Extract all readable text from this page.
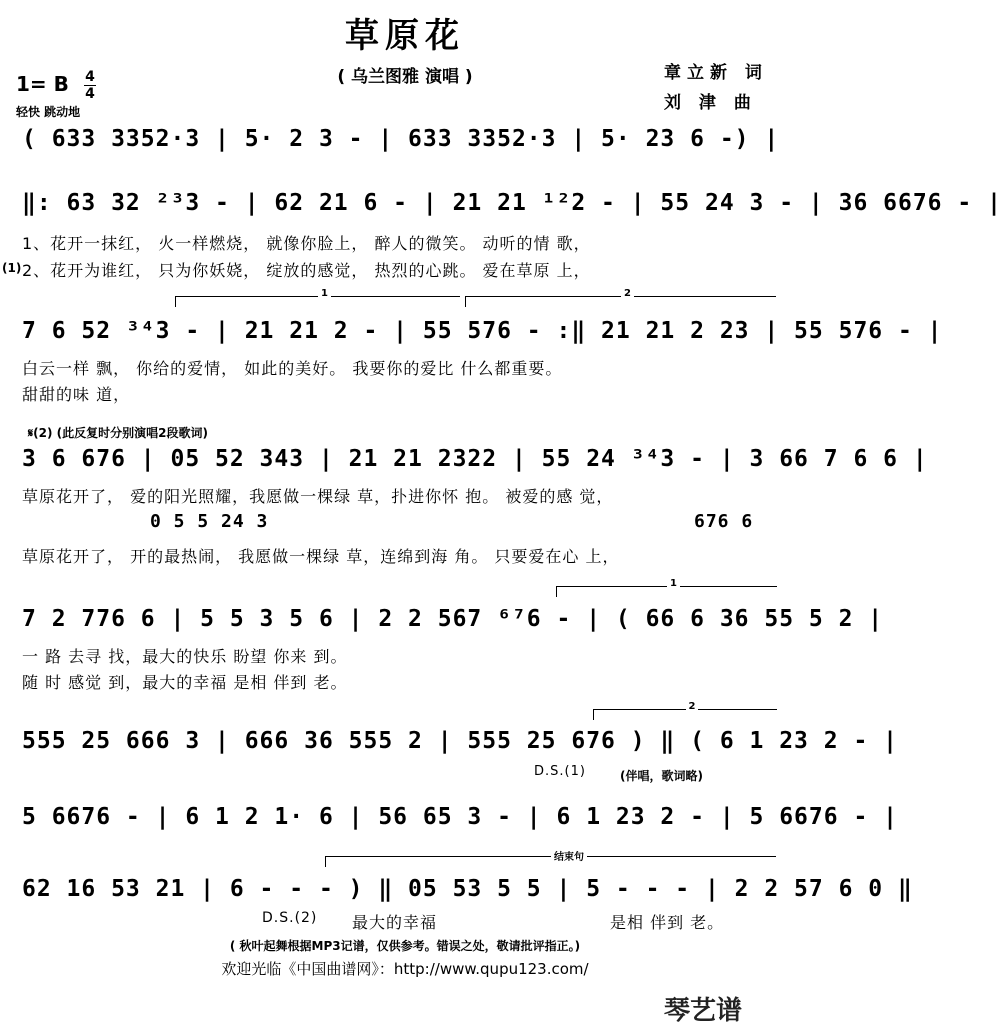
草原花
( 乌兰图雅 演唱 )	章立新 词
刘 津 曲
1= B 4
4
轻快 跳动地
( 633 3352·3 | 5· 2 3 - | 633 3352·3 | 5· 23 6 -) |
‖: 63 32 ²³3 - | 62 21 6 - | 21 21 ¹²2 - | 55 24 3 - | 36 6676 - |
1、花开一抹红， 火一样燃烧， 就像你脸上， 醉人的微笑。 动听的情 歌，
(1) 2、花开为谁红， 只为你妖娆， 绽放的感觉， 热烈的心跳。 爱在草原 上，
1	2
7 6 52 ³⁴3 - | 21 21 2 - | 55 576 - :‖ 21 21 2 23 | 55 576 - |
白云一样 飘， 你给的爱情， 如此的美好。 我要你的爱比 什么都重要。
甜甜的味 道，
𝄋(2) (此反复时分别演唱2段歌词)
3 6 676 | 05 52 343 | 21 21 2322 | 55 24 ³⁴3 - | 3 66 7 6 6 |
草原花开了， 爱的阳光照耀，我愿做一棵绿 草，扑进你怀 抱。 被爱的感 觉，
0 5 5 24 3	676 6
草原花开了， 开的最热闹， 我愿做一棵绿 草，连绵到海 角。 只要爱在心 上，
1
7 2 776 6 | 5 5 3 5 6 | 2 2 567 ⁶⁷6 - | ( 66 6 36 55 5 2 |
一 路 去寻 找，最大的快乐 盼望 你来 到。
随 时 感觉 到，最大的幸福 是相 伴到 老。
2
555 25 666 3 | 666 36 555 2 | 555 25 676 ) ‖ ( 6 1 23 2 - |
D.S.(1)	(伴唱，歌词略)
5 6676 - | 6 1 2 1· 6 | 56 65 3 - | 6 1 23 2 - | 5 6676 - |
结束句
62 16 53 21 | 6 - - - ) ‖ 05 53 5 5 | 5 - - - | 2 2 57 6 0 ‖
D.S.(2) 最大的幸福	是相 伴到 老。
( 秋叶起舞根据MP3记谱，仅供参考。错误之处，敬请批评指正。)
欢迎光临《中国曲谱网》：http://www.qupu123.com/
琴艺谱
